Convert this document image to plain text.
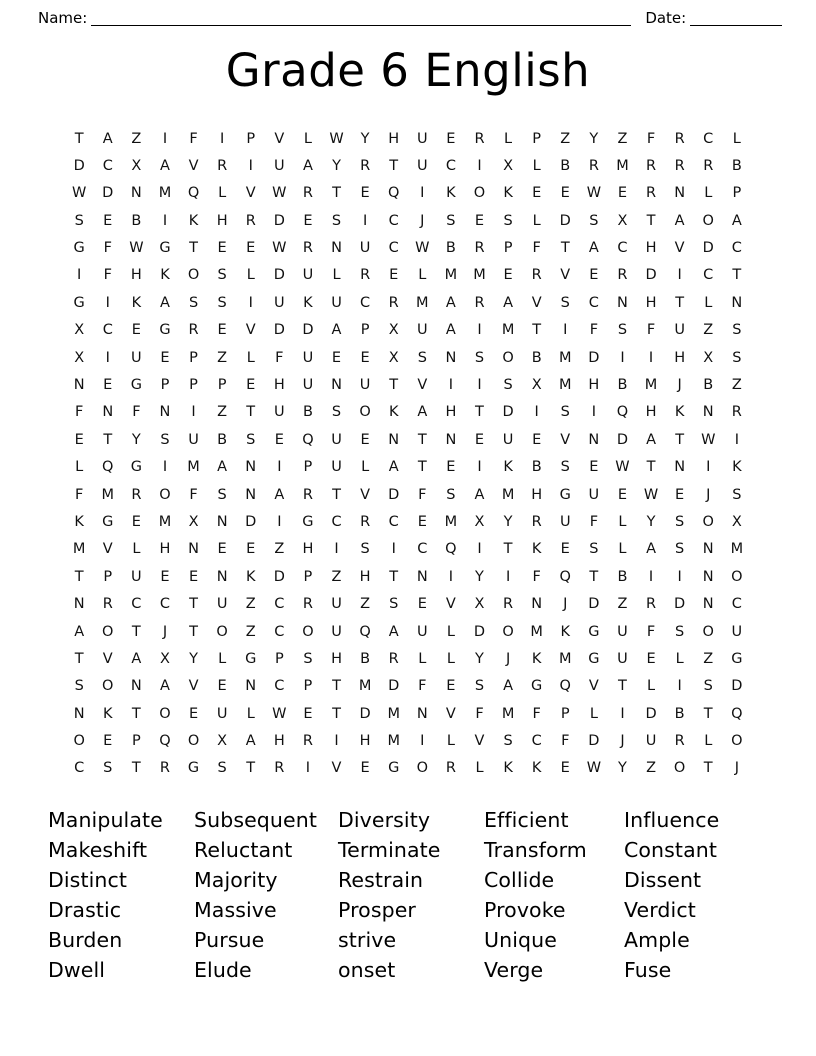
Name:	Date:
Grade 6 English
T	A	Z	I	F	I	P	V	L	W	Y	H	U	E	R	L	P	Z	Y	Z	F	R	C	L
D	C	X	A	V	R	I	U	A	Y	R	T	U	C	I	X	L	B	R	M	R	R	R	B
W	D	N	M	Q	L	V	W	R	T	E	Q	I	K	O	K	E	E	W	E	R	N	L	P
S	E	B	I	K	H	R	D	E	S	I	C	J	S	E	S	L	D	S	X	T	A	O	A
G	F	W	G	T	E	E	W	R	N	U	C	W	B	R	P	F	T	A	C	H	V	D	C
I	F	H	K	O	S	L	D	U	L	R	E	L	M	M	E	R	V	E	R	D	I	C	T
G	I	K	A	S	S	I	U	K	U	C	R	M	A	R	A	V	S	C	N	H	T	L	N
X	C	E	G	R	E	V	D	D	A	P	X	U	A	I	M	T	I	F	S	F	U	Z	S
X	I	U	E	P	Z	L	F	U	E	E	X	S	N	S	O	B	M	D	I	I	H	X	S
N	E	G	P	P	P	E	H	U	N	U	T	V	I	I	S	X	M	H	B	M	J	B	Z
F	N	F	N	I	Z	T	U	B	S	O	K	A	H	T	D	I	S	I	Q	H	K	N	R
E	T	Y	S	U	B	S	E	Q	U	E	N	T	N	E	U	E	V	N	D	A	T	W	I
L	Q	G	I	M	A	N	I	P	U	L	A	T	E	I	K	B	S	E	W	T	N	I	K
F	M	R	O	F	S	N	A	R	T	V	D	F	S	A	M	H	G	U	E	W	E	J	S
K	G	E	M	X	N	D	I	G	C	R	C	E	M	X	Y	R	U	F	L	Y	S	O	X
M	V	L	H	N	E	E	Z	H	I	S	I	C	Q	I	T	K	E	S	L	A	S	N	M
T	P	U	E	E	N	K	D	P	Z	H	T	N	I	Y	I	F	Q	T	B	I	I	N	O
N	R	C	C	T	U	Z	C	R	U	Z	S	E	V	X	R	N	J	D	Z	R	D	N	C
A	O	T	J	T	O	Z	C	O	U	Q	A	U	L	D	O	M	K	G	U	F	S	O	U
T	V	A	X	Y	L	G	P	S	H	B	R	L	L	Y	J	K	M	G	U	E	L	Z	G
S	O	N	A	V	E	N	C	P	T	M	D	F	E	S	A	G	Q	V	T	L	I	S	D
N	K	T	O	E	U	L	W	E	T	D	M	N	V	F	M	F	P	L	I	D	B	T	Q
O	E	P	Q	O	X	A	H	R	I	H	M	I	L	V	S	C	F	D	J	U	R	L	O
C	S	T	R	G	S	T	R	I	V	E	G	O	R	L	K	K	E	W	Y	Z	O	T	J
Manipulate
Makeshift
Distinct
Drastic
Burden
Dwell
Subsequent
Reluctant
Majority
Massive
Pursue
Elude
Diversity
Terminate
Restrain
Prosper
strive
onset
Efficient
Transform
Collide
Provoke
Unique
Verge
Influence
Constant
Dissent
Verdict
Ample
Fuse
